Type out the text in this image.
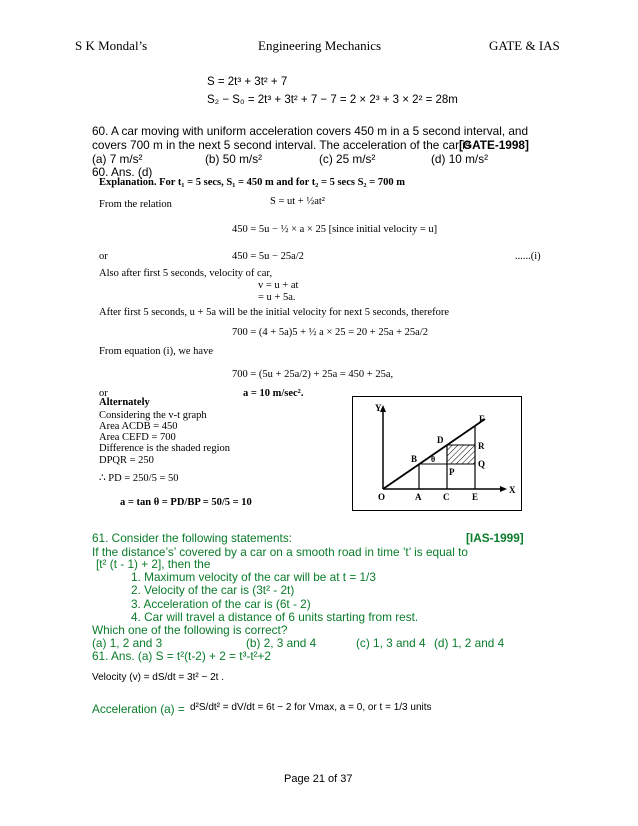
S K Mondal’s	Engineering Mechanics	GATE & IAS
S = 2t³ + 3t² + 7
S₂ − S₀ = 2t³ + 3t² + 7 − 7 = 2 × 2³ + 3 × 2² = 28m
60. A car moving with uniform acceleration covers 450 m in a 5 second interval, and
covers 700 m in the next 5 second interval. The acceleration of the car is
[GATE-1998]
(a) 7 m/s²	(b) 50 m/s²	(c) 25 m/s²	(d) 10 m/s²
60. Ans. (d)
Explanation. For t₁ = 5 secs, S₁ = 450 m and for t₂ = 5 secs S₂ = 700 m
From the relation	S = ut + ½at²
450 = 5u − ½ × a × 25 [since initial velocity = u]
or	450 = 5u − 25a/2	......(i)
Also after first 5 seconds, velocity of car,
v = u + at
= u + 5a.
After first 5 seconds, u + 5a will be the initial velocity for next 5 seconds, therefore
700 = (4 + 5a)5 + ½ a × 25 = 20 + 25a + 25a/2
From equation (i), we have
700 = (5u + 25a/2) + 25a = 450 + 25a,
or	a = 10 m/sec².
Alternately
Considering the v-t graph
Area ACDB = 450
Area CEFD = 700
Difference is the shaded region
DPQR = 250
∴ PD = 250/5 = 50
a = tan θ = PD/BP = 50/5 = 10
Y
X
O	A C	E
B
D
F
R
P
Q
θ
61. Consider the following statements:	[IAS-1999]
If the distance’s’ covered by a car on a smooth road in time ’t’ is equal to
[t² (t - 1) + 2], then the
1. Maximum velocity of the car will be at t = 1/3
2. Velocity of the car is (3t² - 2t)
3. Acceleration of the car is (6t - 2)
4. Car will travel a distance of 6 units starting from rest.
Which one of the following is correct?
(a) 1, 2 and 3	(b) 2, 3 and 4	(c) 1, 3 and 4 (d) 1, 2 and 4
61. Ans. (a) S = t²(t-2) + 2 = t³-t²+2
Velocity (v) = dS/dt = 3t² − 2t .
Acceleration (a) = d²S/dt² = dV/dt = 6t − 2 for Vmax, a = 0, or t = 1/3 units
Page 21 of 37
